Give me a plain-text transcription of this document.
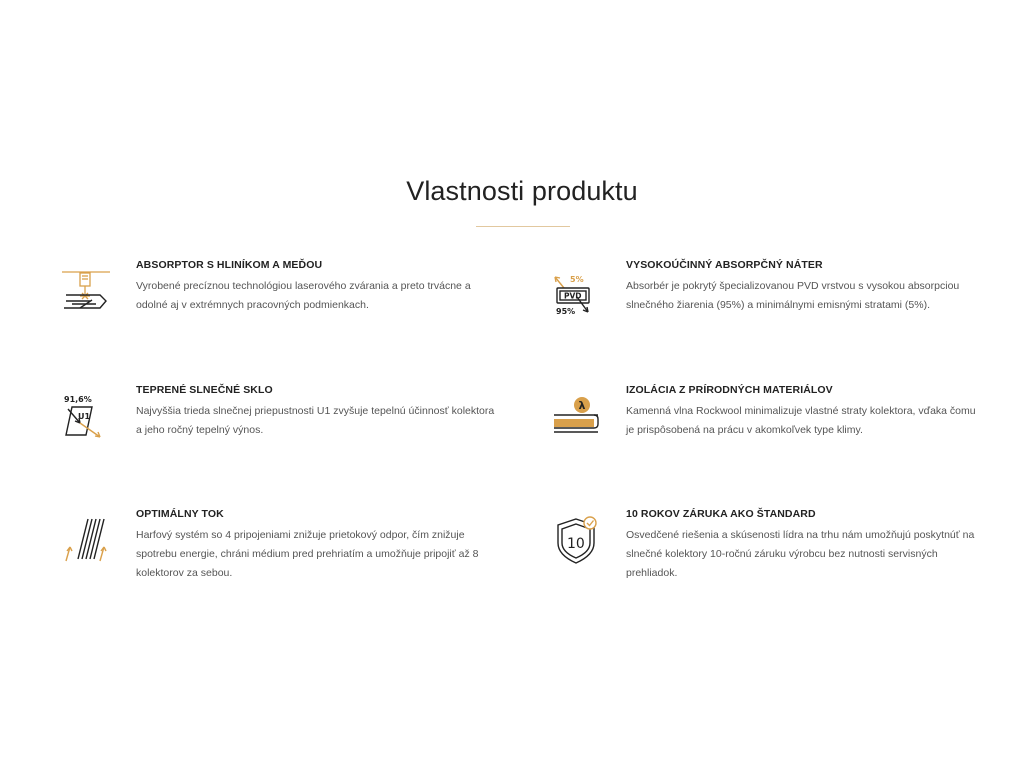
Vlastnosti produktu
ABSORPTOR S HLINÍKOM A MEĎOU

Vyrobené precíznou technológiou laserového zvárania a preto trvácne a odolné aj v extrémnych pracovných podmienkach.

5%
PVD
95%
VYSOKOÚČINNÝ ABSORPČNÝ NÁTER

Absorbér je pokrytý špecializovanou PVD vrstvou s vysokou absorpciou slnečného žiarenia (95%) a minimálnymi emisnými stratami (5%).

91,6%
U1
TEPRENÉ SLNEČNÉ SKLO

Najvyššia trieda slnečnej priepustnosti U1 zvyšuje tepelnú účinnosť kolektora a jeho ročný tepelný výnos.

λ
IZOLÁCIA Z PRÍRODNÝCH MATERIÁLOV

Kamenná vlna Rockwool minimalizuje vlastné straty kolektora, vďaka čomu je prispôsobená na prácu v akomkoľvek type klimy.

OPTIMÁLNY TOK

Harfový systém so 4 pripojeniami znižuje prietokový odpor, čím znižuje spotrebu energie, chráni médium pred prehriatím a umožňuje pripojiť až 8 kolektorov za sebou.

10
10 ROKOV ZÁRUKA AKO ŠTANDARD

Osvedčené riešenia a skúsenosti lídra na trhu nám umožňujú poskytnúť na slnečné kolektory 10-ročnú záruku výrobcu bez nutnosti servisných prehliadok.
